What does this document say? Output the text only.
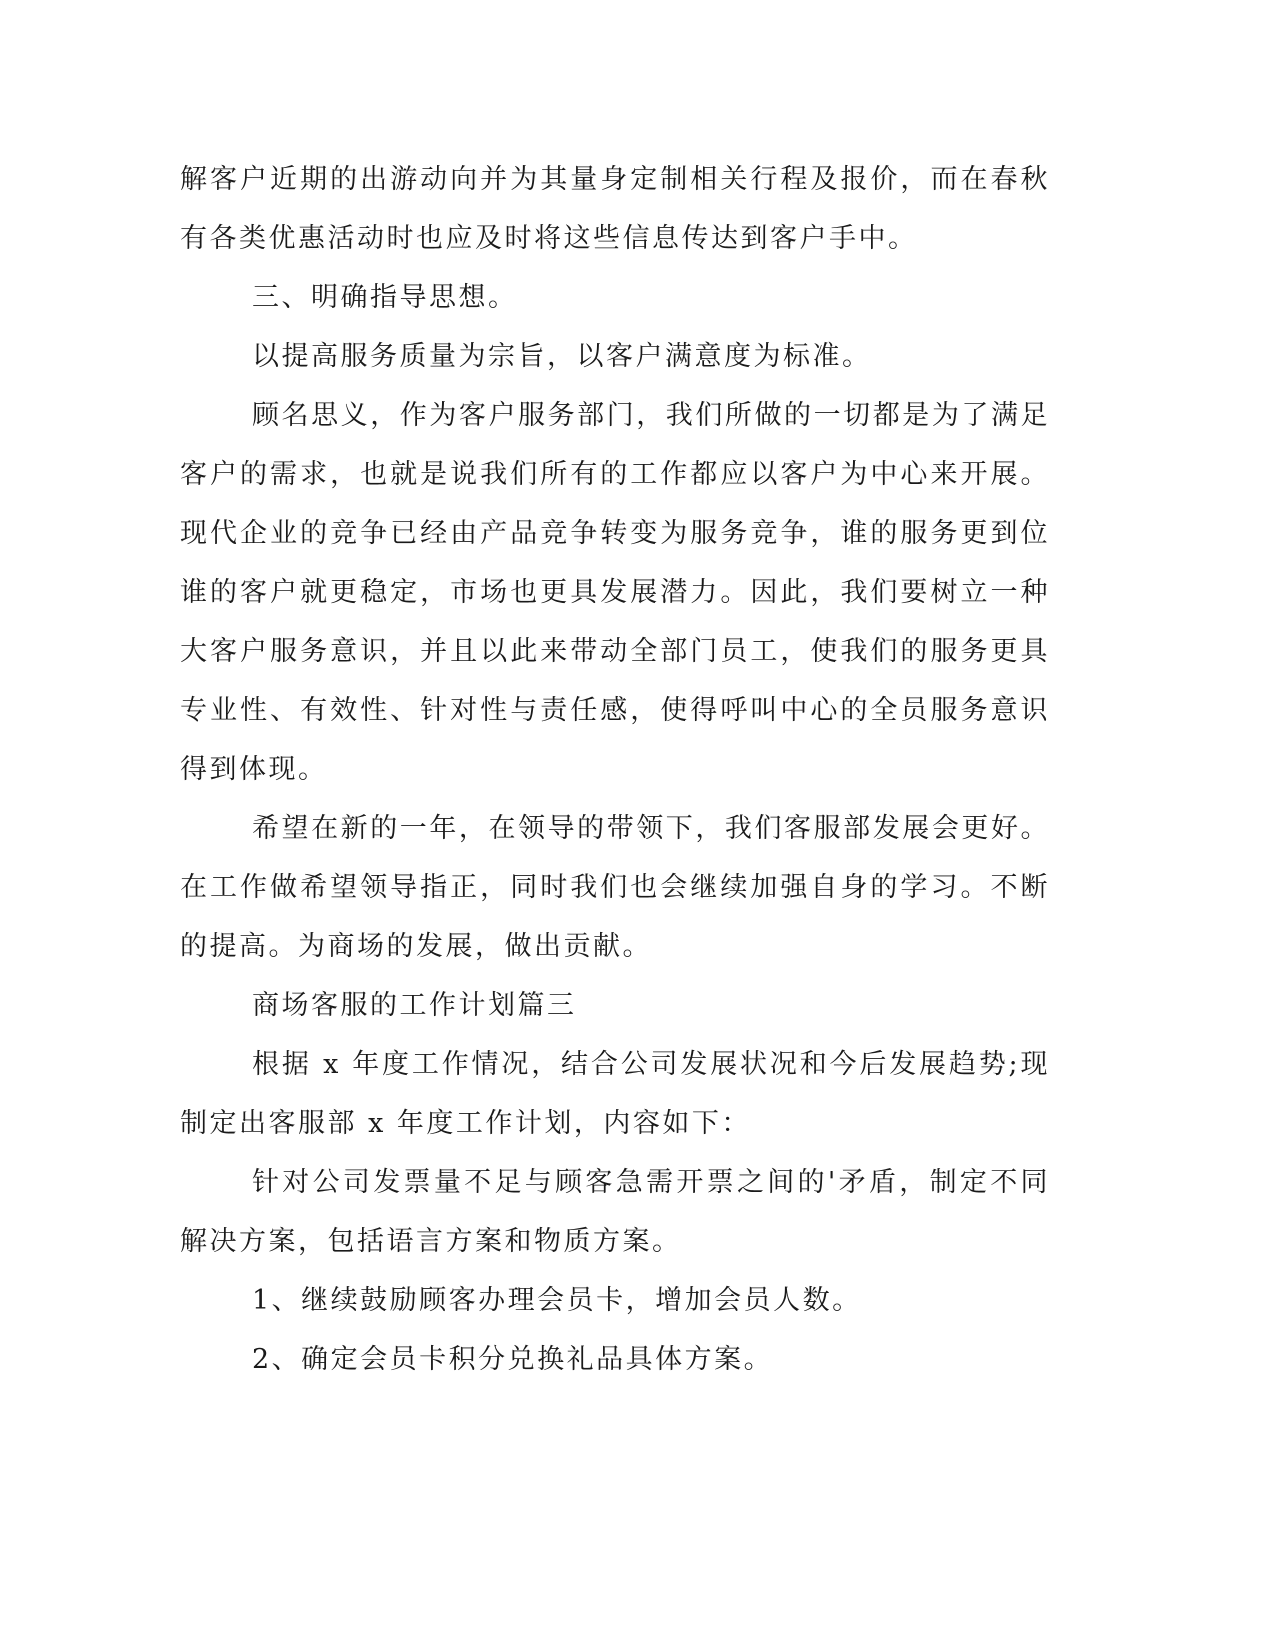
解客户近期的出游动向并为其量身定制相关行程及报价，而在春秋有各类优惠活动时也应及时将这些信息传达到客户手中。

三、明确指导思想。

以提高服务质量为宗旨，以客户满意度为标准。

顾名思义，作为客户服务部门，我们所做的一切都是为了满足客户的需求，也就是说我们所有的工作都应以客户为中心来开展。现代企业的竞争已经由产品竞争转变为服务竞争，谁的服务更到位谁的客户就更稳定，市场也更具发展潜力。因此，我们要树立一种大客户服务意识，并且以此来带动全部门员工，使我们的服务更具专业性、有效性、针对性与责任感，使得呼叫中心的全员服务意识得到体现。

希望在新的一年，在领导的带领下，我们客服部发展会更好。在工作做希望领导指正，同时我们也会继续加强自身的学习。不断的提高。为商场的发展，做出贡献。

商场客服的工作计划篇三

根据 x 年度工作情况，结合公司发展状况和今后发展趋势;现制定出客服部 x 年度工作计划，内容如下：

针对公司发票量不足与顾客急需开票之间的'矛盾，制定不同解决方案，包括语言方案和物质方案。

1、继续鼓励顾客办理会员卡，增加会员人数。

2、确定会员卡积分兑换礼品具体方案。
